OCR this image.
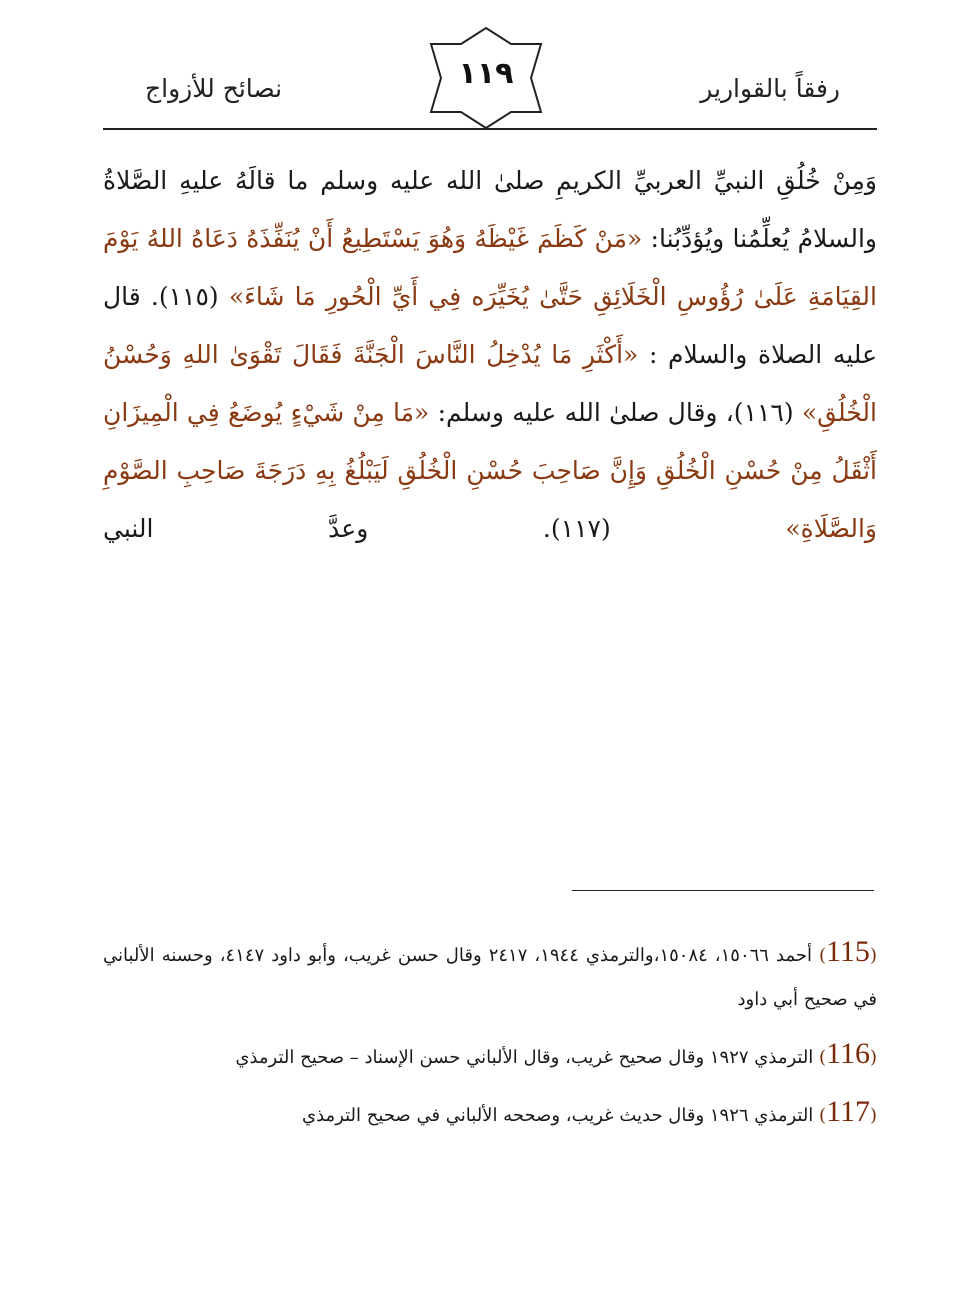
رفقاً بالقوارير
نصائح للأزواج	١١٩
وَمِنْ خُلُقِ النبيِّ العربيِّ الكريمِ صلىٰ الله عليه وسلم ما قالَهُ عليهِ الصَّلاةُ والسلامُ يُعلِّمُنا ويُؤدِّبُنا: «مَنْ كَظَمَ غَيْظَهُ وَهُوَ يَسْتَطِيعُ أَنْ يُنَفِّذَهُ دَعَاهُ اللهُ يَوْمَ القِيَامَةِ عَلَىٰ رُؤُوسِ الْخَلَائِقِ حَتَّىٰ يُخَيِّرَه فِي أَيِّ الْحُورِ مَا شَاءَ» (١١٥). قال عليه الصلاة والسلام : «أَكْثَرِ مَا يُدْخِلُ النَّاسَ الْجَنَّةَ فَقَالَ تَقْوَىٰ اللهِ وَحُسْنُ الْخُلُقِ» (١١٦)، وقال صلىٰ الله عليه وسلم: «مَا مِنْ شَيْءٍ يُوضَعُ فِي الْمِيزَانِ أَثْقَلُ مِنْ حُسْنِ الْخُلُقِ وَإِنَّ صَاحِبَ حُسْنِ الْخُلُقِ لَيَبْلُغُ بِهِ دَرَجَةَ صَاحِبِ الصَّوْمِ وَالصَّلَاةِ» (١١٧). وعدَّ النبي
(115) أحمد ١٥٠٦٦، ١٥٠٨٤،والترمذي ١٩٤٤، ٢٤١٧ وقال حسن غريب، وأبو داود ٤١٤٧، وحسنه الألباني في صحيح أبي داود
(116) الترمذي ١٩٢٧ وقال صحيح غريب، وقال الألباني حسن الإسناد – صحيح الترمذي
(117) الترمذي ١٩٢٦ وقال حديث غريب، وصححه الألباني في صحيح الترمذي
